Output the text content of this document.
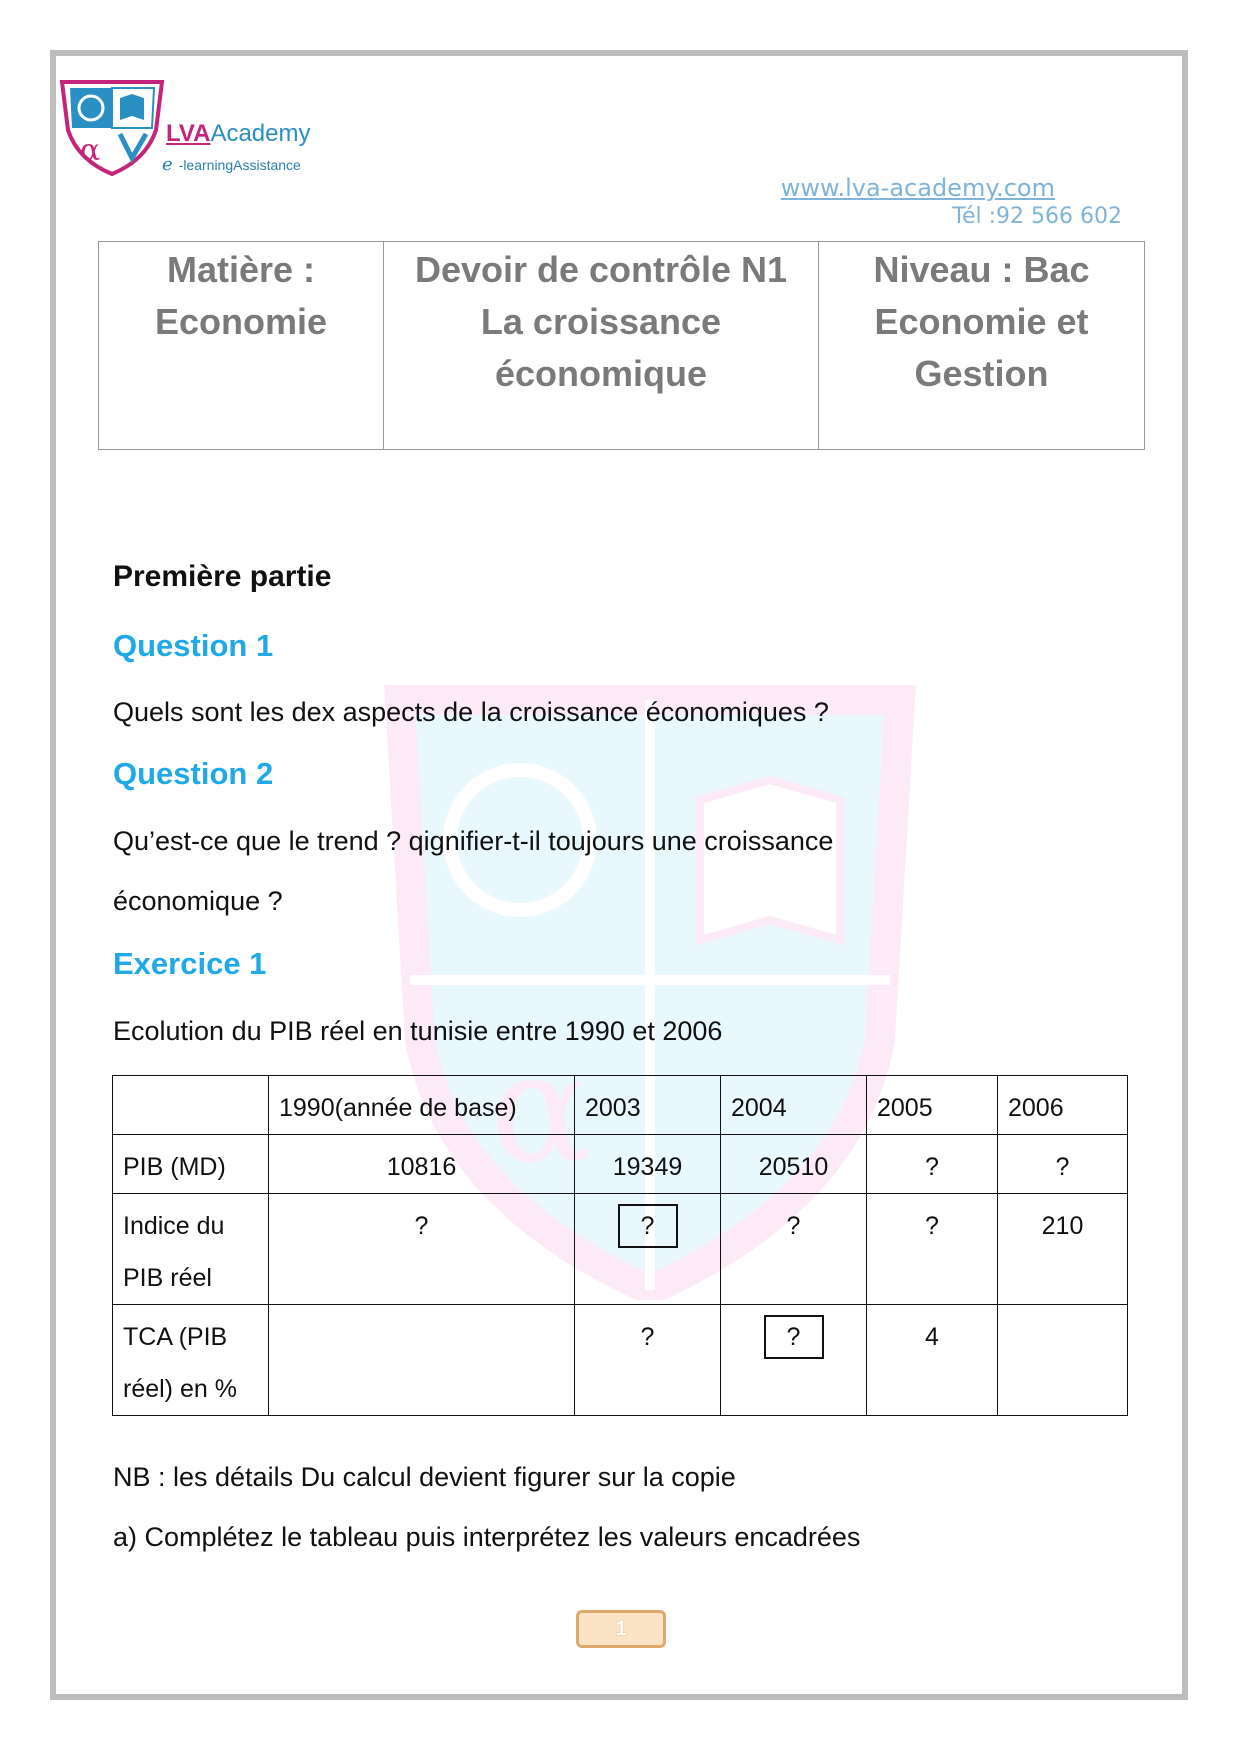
α
α	LVAAcademy
e -learningAssistance
www.lva-academy.com
Tél :92 566 602
Matière :
Economie

Devoir de contrôle N1
La croissance
économique

Niveau : Bac
Economie et
Gestion
Première partie
Question 1
Quels sont les dex aspects de la croissance économiques ?
Question 2
Qu’est-ce que le trend ? qignifier-t-il toujours une croissance
économique ?
Exercice 1
Ecolution du PIB réel en tunisie entre 1990 et 2006
	1990(année de base)	2003	2004	2005	2006
PIB (MD)	10816	19349	20510	?	?

Indice du
PIB réel	?	?	?	?	210

TCA (PIB
réel) en %		?	?	4	
NB : les détails Du calcul devient figurer sur la copie
a) Complétez le tableau puis interprétez les valeurs encadrées
1
